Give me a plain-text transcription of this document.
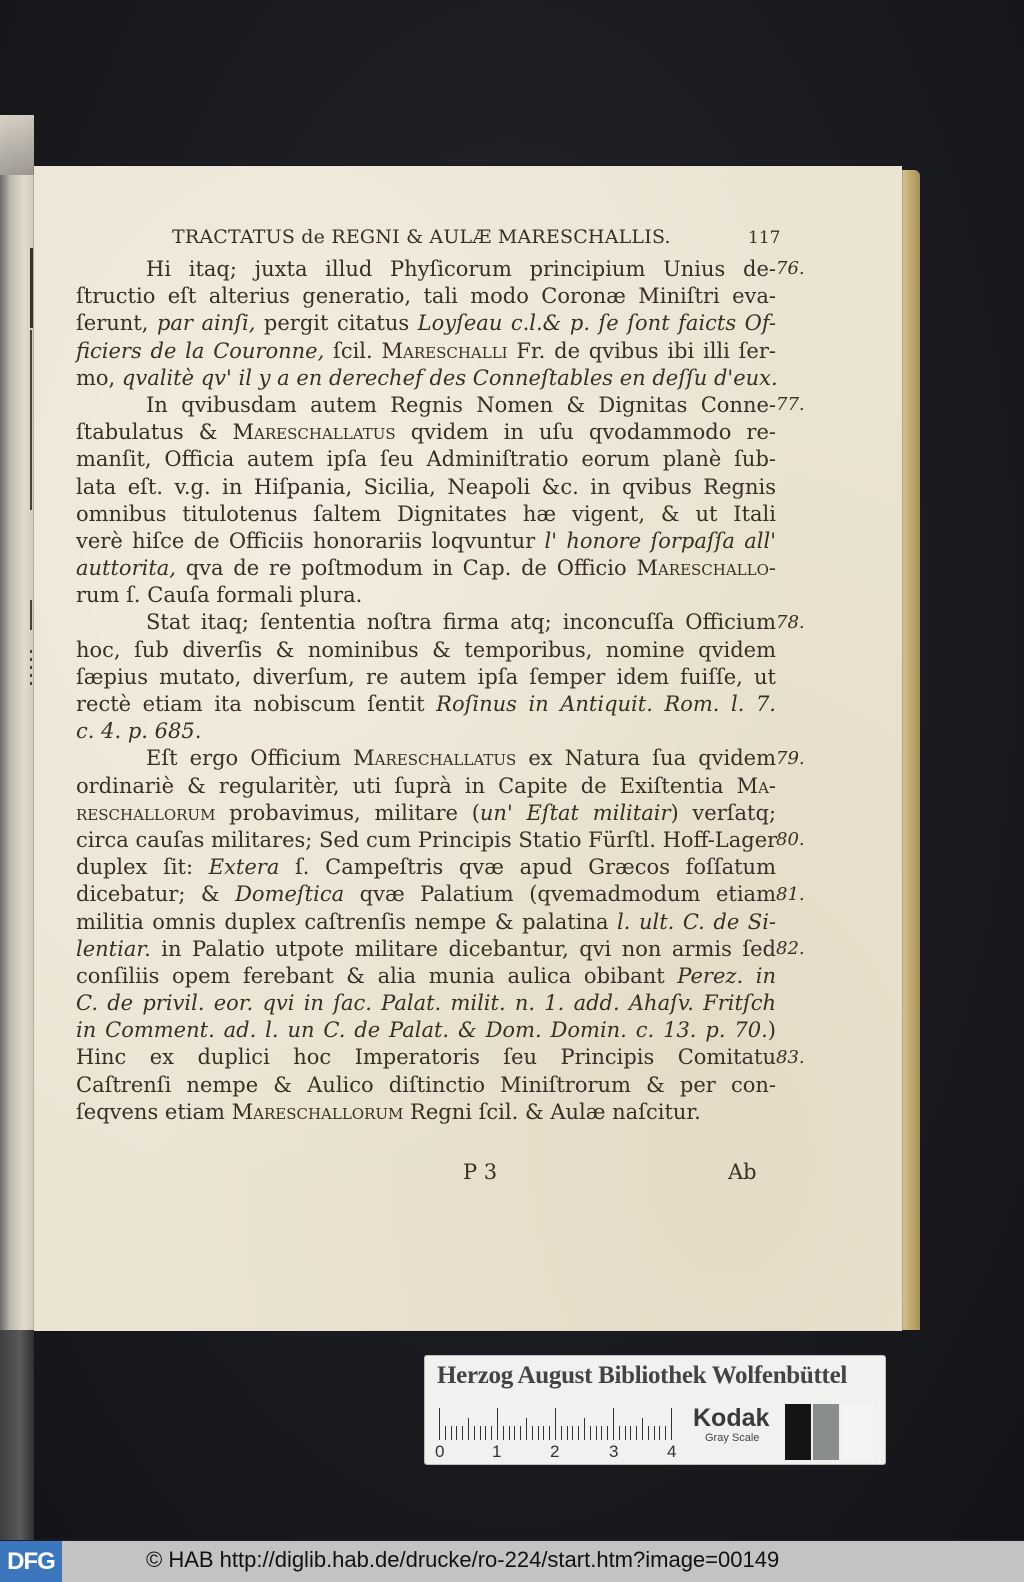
TRACTATUS de REGNI & AULÆ MARESCHALLIS.	117
Hi itaq; juxta illud Phyſicorum principium Unius de-
ſtructio eſt alterius generatio, tali modo Coronæ Miniſtri eva-
ſerunt, par ainſi, pergit citatus Loyſeau c.l.& p. ſe ſont faicts Of-
ficiers de la Couronne, ſcil. Mareſchalli Fr. de qvibus ibi illi ſer-
mo, qvalitè qv' il y a en derechef des Conneſtables en deſſu d'eux.
In qvibusdam autem Regnis Nomen & Dignitas Conne-
ſtabulatus & Mareſchallatus qvidem in uſu qvodammodo re-
manſit, Officia autem ipſa ſeu Adminiſtratio eorum planè ſub-
lata eſt. v.g. in Hiſpania, Sicilia, Neapoli &c. in qvibus Regnis
omnibus titulotenus ſaltem Dignitates hæ vigent, & ut Itali
verè hiſce de Officiis honorariis loqvuntur l' honore ſorpaſſa all'
auttorita, qva de re poſtmodum in Cap. de Officio Mareſchallo-
rum ſ. Cauſa formali plura.
Stat itaq; ſententia noſtra firma atq; inconcuſſa Officium
hoc, ſub diverſis & nominibus & temporibus, nomine qvidem
ſæpius mutato, diverſum, re autem ipſa ſemper idem fuiſſe, ut
rectè etiam ita nobiscum ſentit Roſinus in Antiquit. Rom. l. 7.
c. 4. p. 685.
Eſt ergo Officium Mareſchallatus ex Natura ſua qvidem
ordinariè & regularitèr, uti ſuprà in Capite de Exiſtentia Ma-
reſchallorum probavimus, militare (un' Eſtat militair) verſatq;
circa cauſas militares; Sed cum Principis Statio Fürſtl. Hoff-Lager
duplex ſit: Extera ſ. Campeſtris qvæ apud Græcos foſſatum
dicebatur; & Domeſtica qvæ Palatium (qvemadmodum etiam
militia omnis duplex caſtrenſis nempe & palatina l. ult. C. de Si-
lentiar. in Palatio utpote militare dicebantur, qvi non armis ſed
conſiliis opem ferebant & alia munia aulica obibant Perez. in
C. de privil. eor. qvi in ſac. Palat. milit. n. 1. add. Ahaſv. Fritſch
in Comment. ad. l. un C. de Palat. & Dom. Domin. c. 13. p. 70.)
Hinc ex duplici hoc Imperatoris ſeu Principis Comitatu
Caſtrenſi nempe & Aulico diſtinctio Miniſtrorum & per con-
ſeqvens etiam Mareſchallorum Regni ſcil. & Aulæ naſcitur.
76.
77.
78.
79.
80.
81.
82.
83.
P 3	Ab
Herzog August Bibliothek Wolfenbüttel
0	1	2	3	4
Kodak
Gray Scale
DFG	© HAB http://diglib.hab.de/drucke/ro-224/start.htm?image=00149
